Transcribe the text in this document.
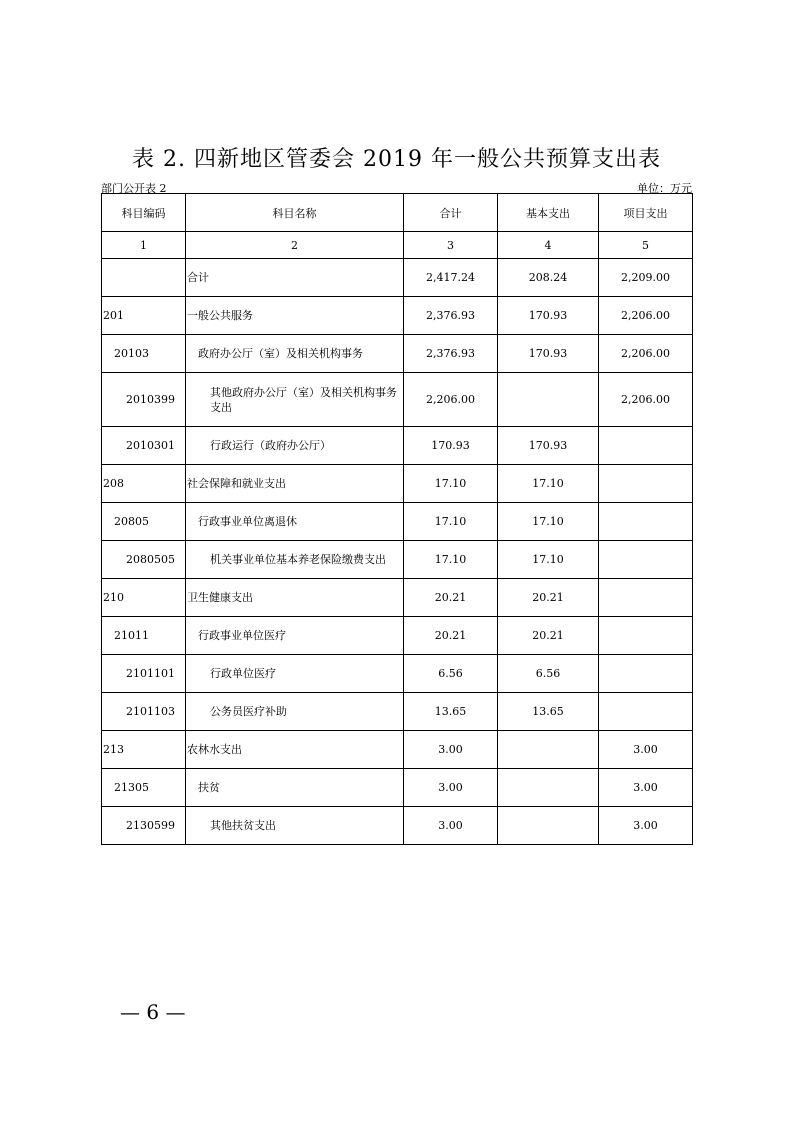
表 2. 四新地区管委会 2019 年一般公共预算支出表
部门公开表 2	单位：万元
科目编码	科目名称	合计	基本支出	项目支出
1	2	3	4	5
	合计	2,417.24	208.24	2,209.00
201	一般公共服务	2,376.93	170.93	2,206.00
20103	政府办公厅（室）及相关机构事务	2,376.93	170.93	2,206.00
2010399	其他政府办公厅（室）及相关机构事务支出	2,206.00		2,206.00
2010301	行政运行（政府办公厅）	170.93	170.93	
208	社会保障和就业支出	17.10	17.10	
20805	行政事业单位离退休	17.10	17.10	
2080505	机关事业单位基本养老保险缴费支出	17.10	17.10	
210	卫生健康支出	20.21	20.21	
21011	行政事业单位医疗	20.21	20.21	
2101101	行政单位医疗	6.56	6.56	
2101103	公务员医疗补助	13.65	13.65	
213	农林水支出	3.00		3.00
21305	扶贫	3.00		3.00
2130599	其他扶贫支出	3.00		3.00
— 6 —
